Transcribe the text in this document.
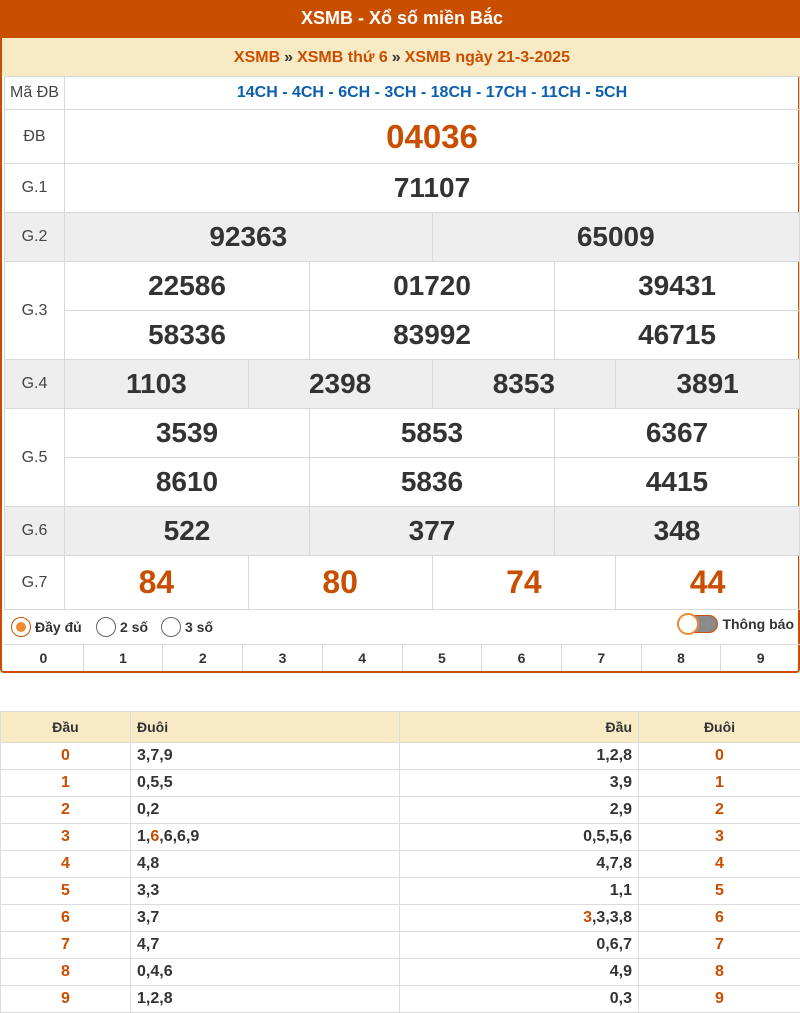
XSMB - Xổ số miền Bắc
XSMB » XSMB thứ 6 » XSMB ngày 21-3-2025
Mã ĐB	14CH - 4CH - 6CH - 3CH - 18CH - 17CH - 11CH - 5CH					
ĐB	04036					
G.1	71107					
G.2	92363			65009		
G.3	22586		01720		39431	
	58336		83992		46715	
G.4	1103	2398		8353		3891
G.5	3539		5853		6367	
	8610		5836		4415	
G.6	522		377		348	
G.7	84	80		74		44
Đầy đủ	2 số	3 số	Thông báo
0	1	2	3	4	5	6	7	8	9
Đầu	Đuôi	Đầu	Đuôi
0	3,7,9	1,2,8	0
1	0,5,5	3,9	1
2	0,2	2,9	2
3	1,6,6,6,9	0,5,5,6	3
4	4,8	4,7,8	4
5	3,3	1,1	5
6	3,7	3,3,3,8	6
7	4,7	0,6,7	7
8	0,4,6	4,9	8
9	1,2,8	0,3	9
